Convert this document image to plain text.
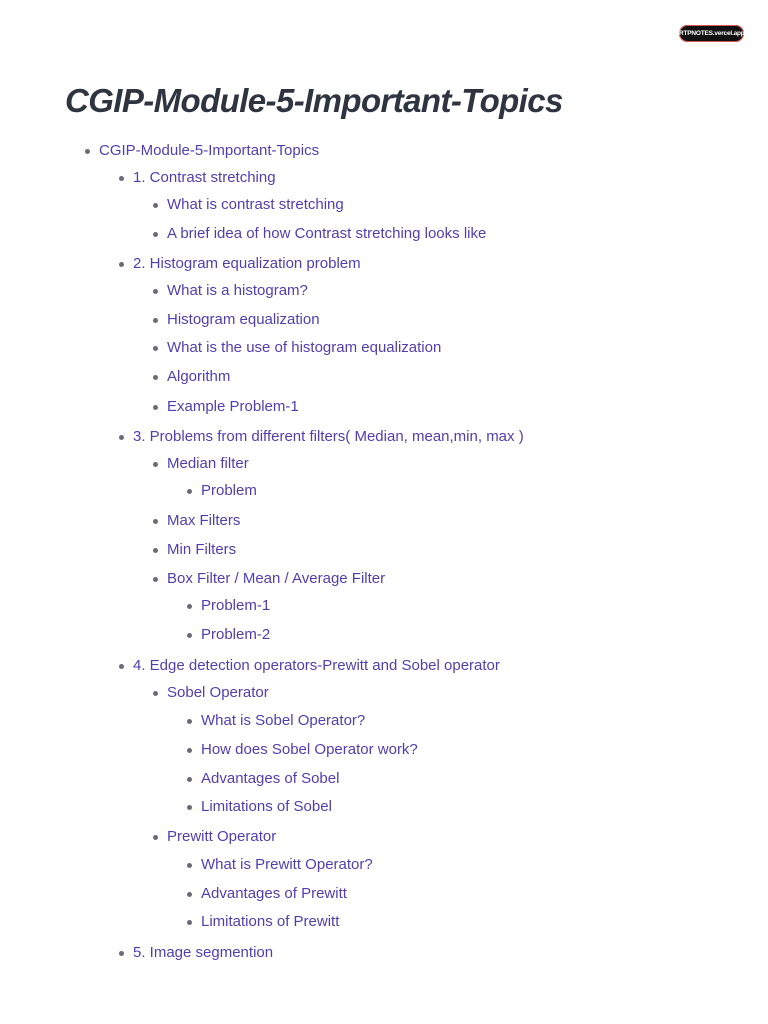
RTPNOTES.vercel.app
CGIP-Module-5-Important-Topics
CGIP-Module-5-Important-Topics
1. Contrast stretching
What is contrast stretching
A brief idea of how Contrast stretching looks like
2. Histogram equalization problem
What is a histogram?
Histogram equalization
What is the use of histogram equalization
Algorithm
Example Problem-1
3. Problems from different filters( Median, mean,min, max )
Median filter
Problem
Max Filters
Min Filters
Box Filter / Mean / Average Filter
Problem-1
Problem-2
4. Edge detection operators-Prewitt and Sobel operator
Sobel Operator
What is Sobel Operator?
How does Sobel Operator work?
Advantages of Sobel
Limitations of Sobel
Prewitt Operator
What is Prewitt Operator?
Advantages of Prewitt
Limitations of Prewitt
5. Image segmention
